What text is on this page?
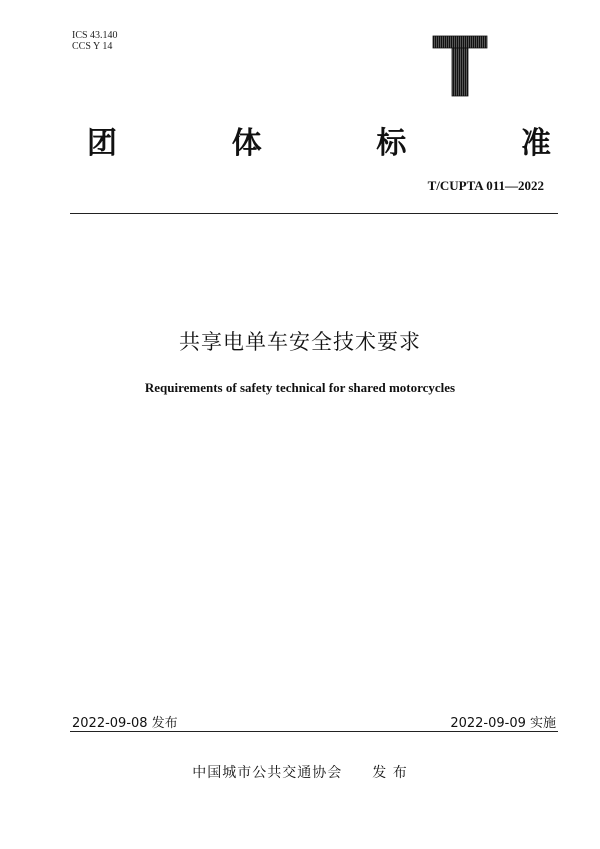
ICS 43.140
CCS Y 14
团	体	标	准
T/CUPTA 011—2022
共享电单车安全技术要求
Requirements of safety technical for shared motorcycles
2022-09-08 发布	2022-09-09 实施
中国城市公共交通协会 发 布
